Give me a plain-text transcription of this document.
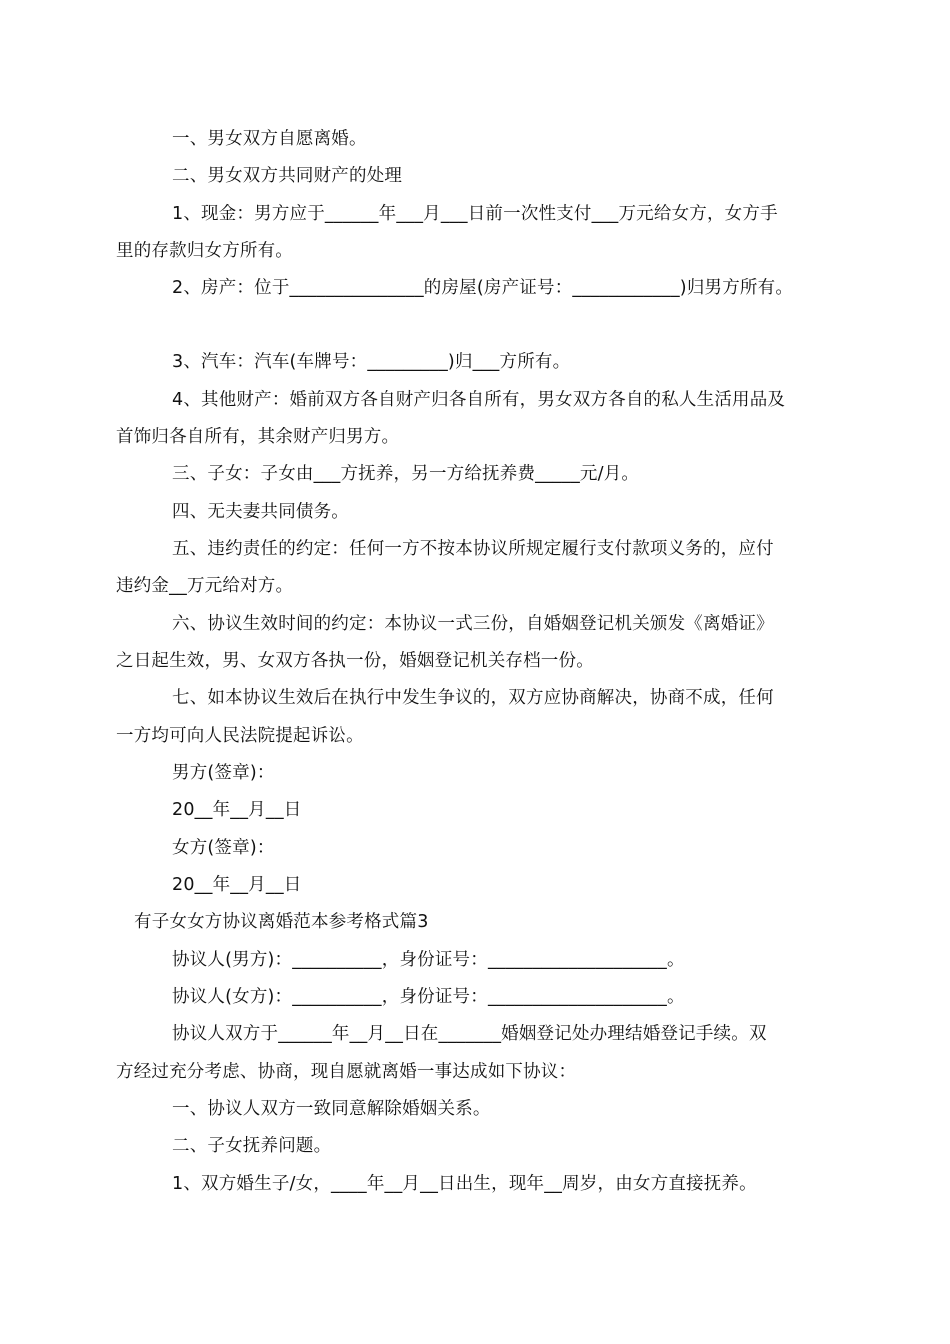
一、男女双方自愿离婚。
二、男女双方共同财产的处理
1、现金：男方应于______年___月___日前一次性支付___万元给女方，女方手
里的存款归女方所有。
2、房产：位于_______________的房屋(房产证号：____________)归男方所有。
3、汽车：汽车(车牌号：_________)归___方所有。
4、其他财产：婚前双方各自财产归各自所有，男女双方各自的私人生活用品及
首饰归各自所有，其余财产归男方。
三、子女：子女由___方抚养，另一方给抚养费_____元/月。
四、无夫妻共同债务。
五、违约责任的约定：任何一方不按本协议所规定履行支付款项义务的，应付
违约金__万元给对方。
六、协议生效时间的约定：本协议一式三份，自婚姻登记机关颁发《离婚证》
之日起生效，男、女双方各执一份，婚姻登记机关存档一份。
七、如本协议生效后在执行中发生争议的，双方应协商解决，协商不成，任何
一方均可向人民法院提起诉讼。
男方(签章)：
20__年__月__日
女方(签章)：
20__年__月__日
有子女女方协议离婚范本参考格式篇3
协议人(男方)：__________，身份证号：____________________。
协议人(女方)：__________，身份证号：____________________。
协议人双方于______年__月__日在_______婚姻登记处办理结婚登记手续。双
方经过充分考虑、协商，现自愿就离婚一事达成如下协议：
一、协议人双方一致同意解除婚姻关系。
二、子女抚养问题。
1、双方婚生子/女，____年__月__日出生，现年__周岁，由女方直接抚养。
